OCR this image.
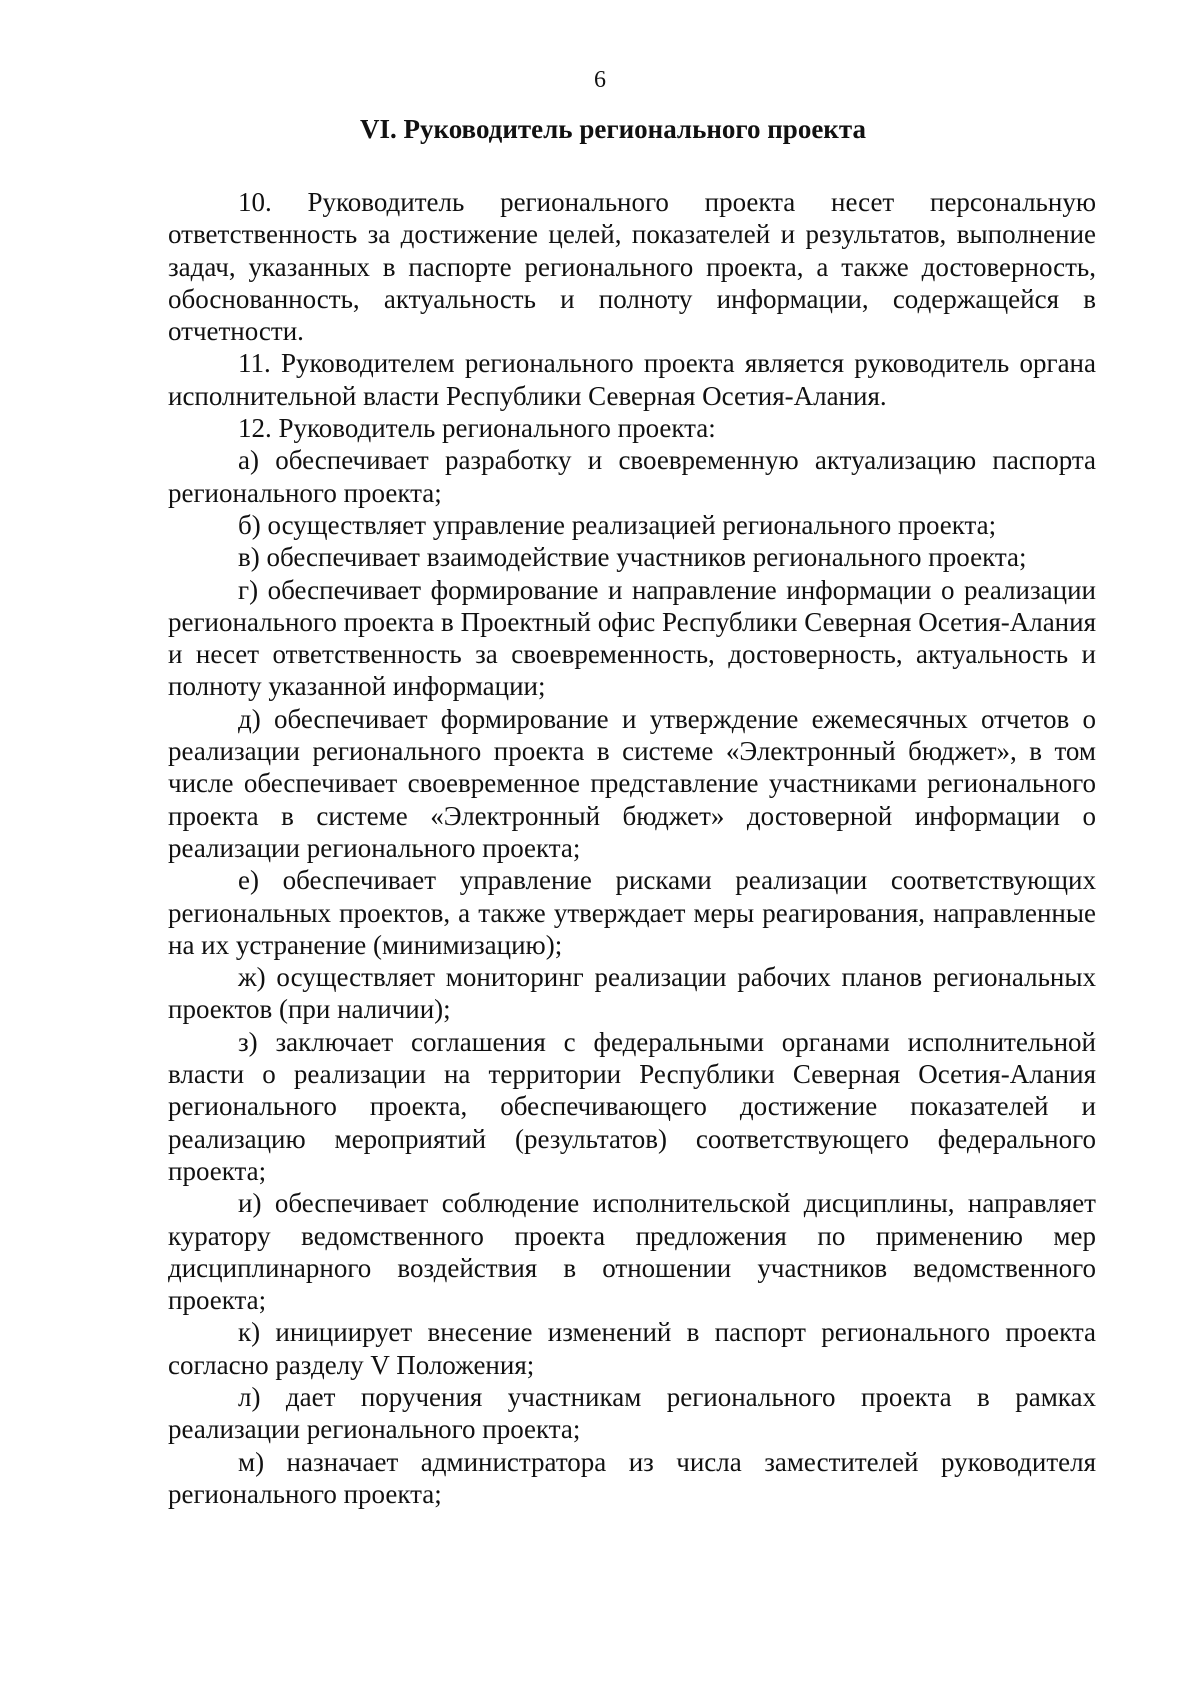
6
VI. Руководитель регионального проекта

10. Руководитель регионального проекта несет персональную ответственность за достижение целей, показателей и результатов, выполнение задач, указанных в паспорте регионального проекта, а также достоверность, обоснованность, актуальность и полноту информации, содержащейся в отчетности.

11. Руководителем регионального проекта является руководитель органа исполнительной власти Республики Северная Осетия-Алания.

12. Руководитель регионального проекта:

а) обеспечивает разработку и своевременную актуализацию паспорта регионального проекта;

б) осуществляет управление реализацией регионального проекта;

в) обеспечивает взаимодействие участников регионального проекта;

г) обеспечивает формирование и направление информации о реализации регионального проекта в Проектный офис Республики Северная Осетия-Алания и несет ответственность за своевременность, достоверность, актуальность и полноту указанной информации;

д) обеспечивает формирование и утверждение ежемесячных отчетов о реализации регионального проекта в системе «Электронный бюджет», в том числе обеспечивает своевременное представление участниками регионального проекта в системе «Электронный бюджет» достоверной информации о реализации регионального проекта;

е) обеспечивает управление рисками реализации соответствующих региональных проектов, а также утверждает меры реагирования, направленные на их устранение (минимизацию);

ж) осуществляет мониторинг реализации рабочих планов региональных проектов (при наличии);

з) заключает соглашения с федеральными органами исполнительной власти о реализации на территории Республики Северная Осетия-Алания регионального проекта, обеспечивающего достижение показателей и реализацию мероприятий (результатов) соответствующего федерального проекта;

и) обеспечивает соблюдение исполнительской дисциплины, направляет куратору ведомственного проекта предложения по применению мер дисциплинарного воздействия в отношении участников ведомственного проекта;

к) инициирует внесение изменений в паспорт регионального проекта согласно разделу V Положения;

л) дает поручения участникам регионального проекта в рамках реализации регионального проекта;

м) назначает администратора из числа заместителей руководителя регионального проекта;
